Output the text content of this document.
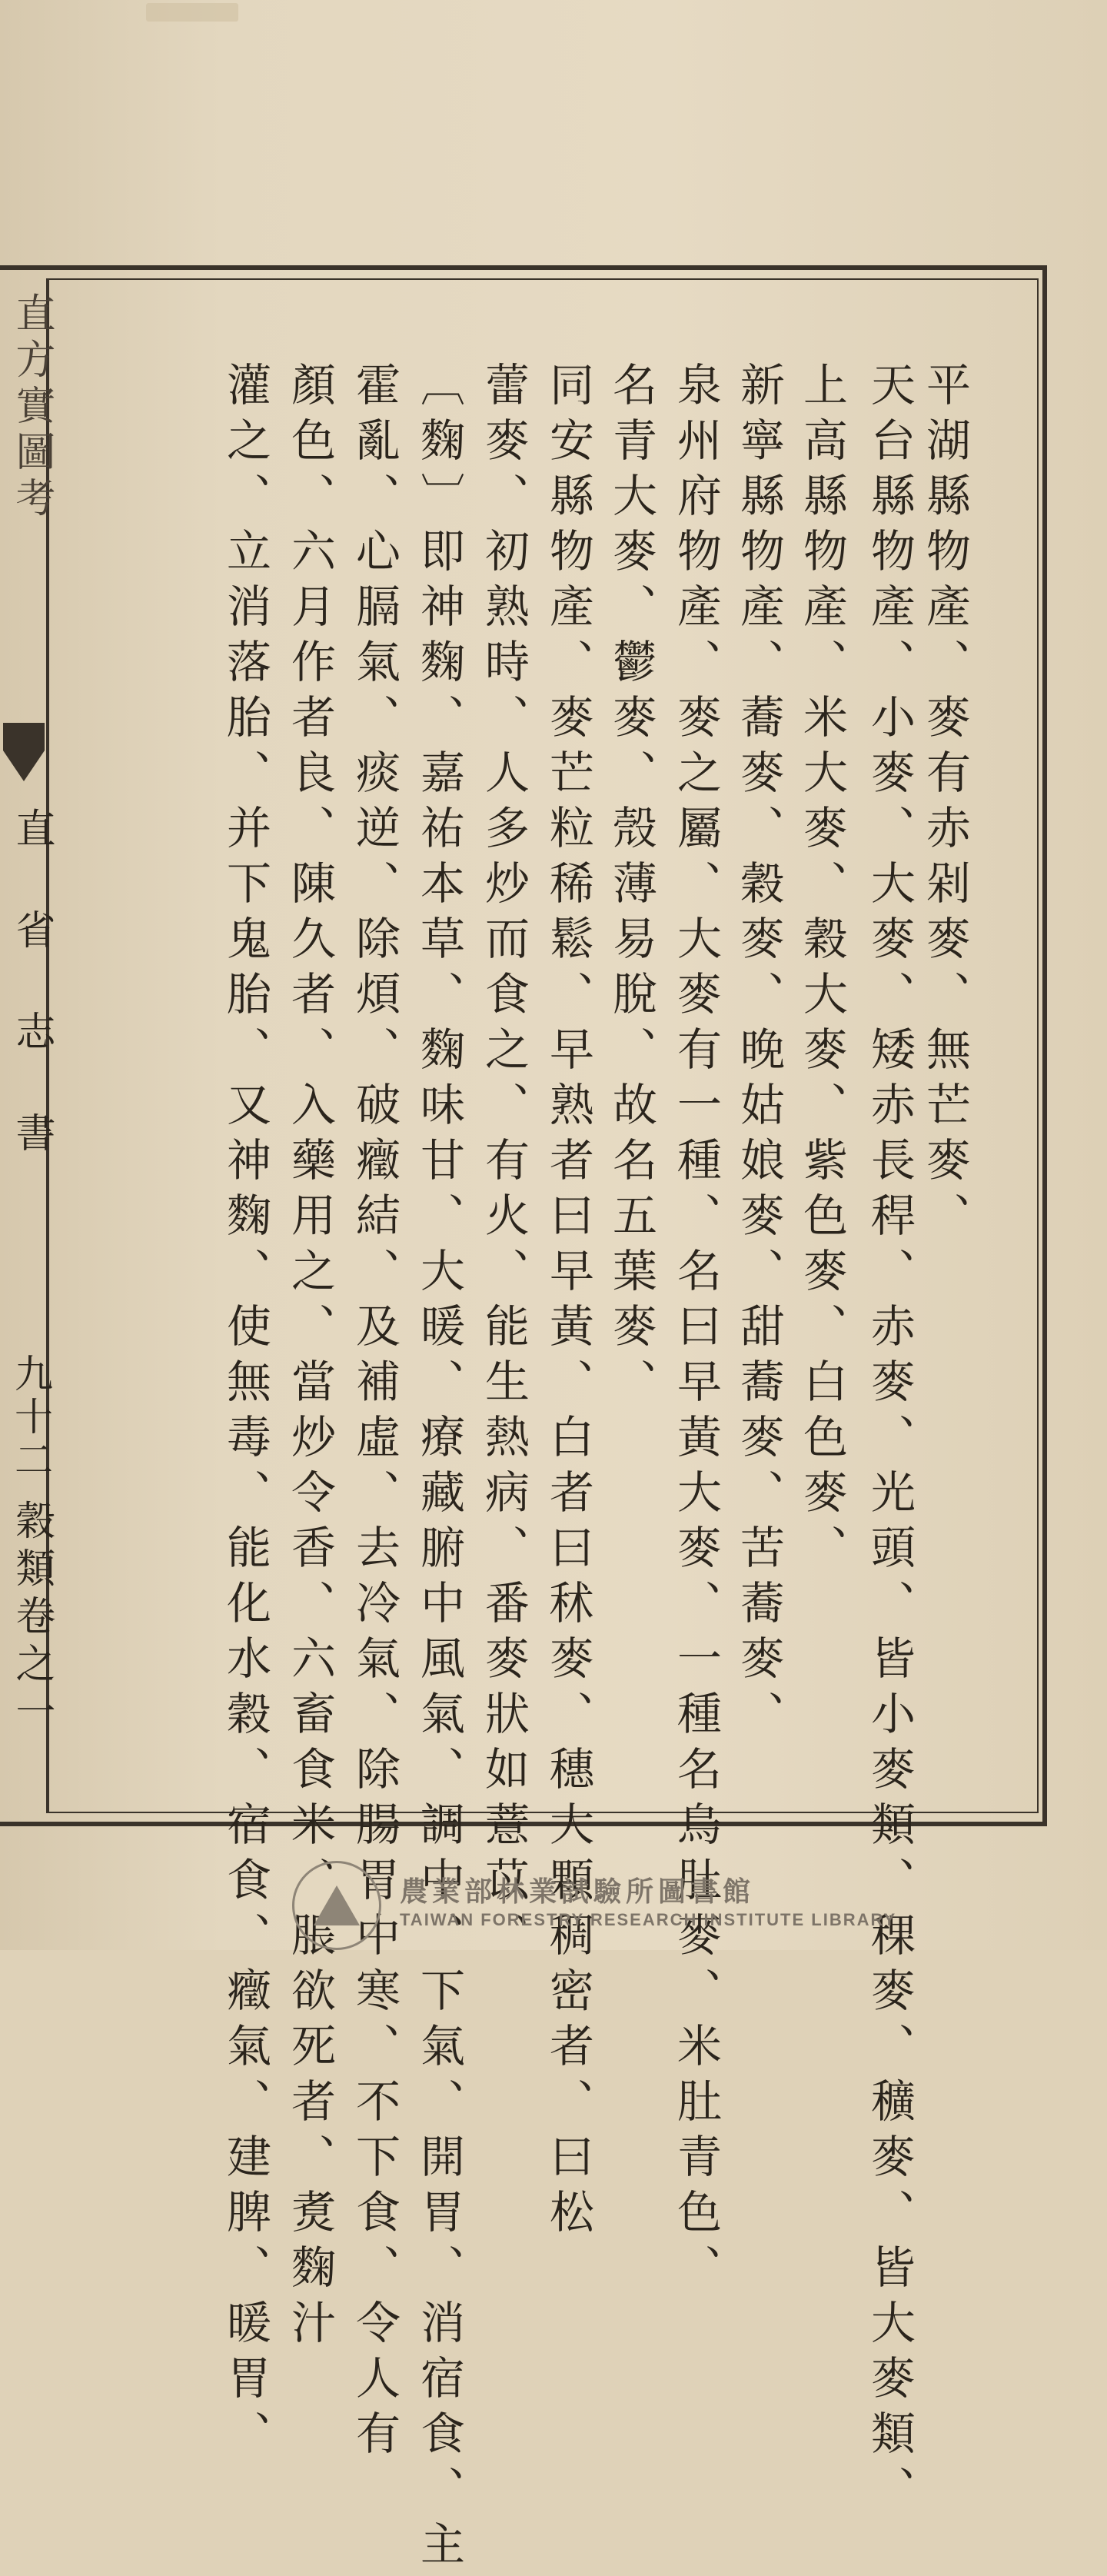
直方實圖考
直 省 志 書
九十二
穀類卷之一
平湖縣物產、麥有赤剁麥、無芒麥、
天台縣物產、小麥、大麥、矮赤長稈、赤麥、光頭、皆小麥類、稞麥、穬麥、皆大麥類、
上高縣物產、米大麥、穀大麥、紫色麥、白色麥、
新寧縣物產、蕎麥、穀麥、晚姑娘麥、甜蕎麥、苦蕎麥、
泉州府物產、麥之屬、大麥有一種、名曰早黃大麥、一種名烏肚麥、米肚青色、
名青大麥、鬱麥、殼薄易脫、故名五葉麥、
同安縣物產、麥芒粒稀鬆、早熟者曰早黃、白者曰秫麥、穗大顆稠密者、曰松
蕾麥、初熟時、人多炒而食之、有火、能生熱病、番麥狀如薏苡、
〔麴〕即神麴、嘉祐本草、麴味甘、大暖、療藏腑中風氣、調中、下氣、開胃、消宿食、主
霍亂、心膈氣、痰逆、除煩、破癥結、及補虛、去冷氣、除腸胃中寒、不下食、令人有
顏色、六月作者良、陳久者、入藥用之、當炒令香、六畜食米、脹欲死者、煑麴汁
灌之、立消落胎、并下鬼胎、又神麴、使無毒、能化水穀、宿食、癥氣、建脾、暖胃、	農業部林業試驗所圖書館
TAIWAN FORESTRY RESEARCH INSTITUTE LIBRARY
